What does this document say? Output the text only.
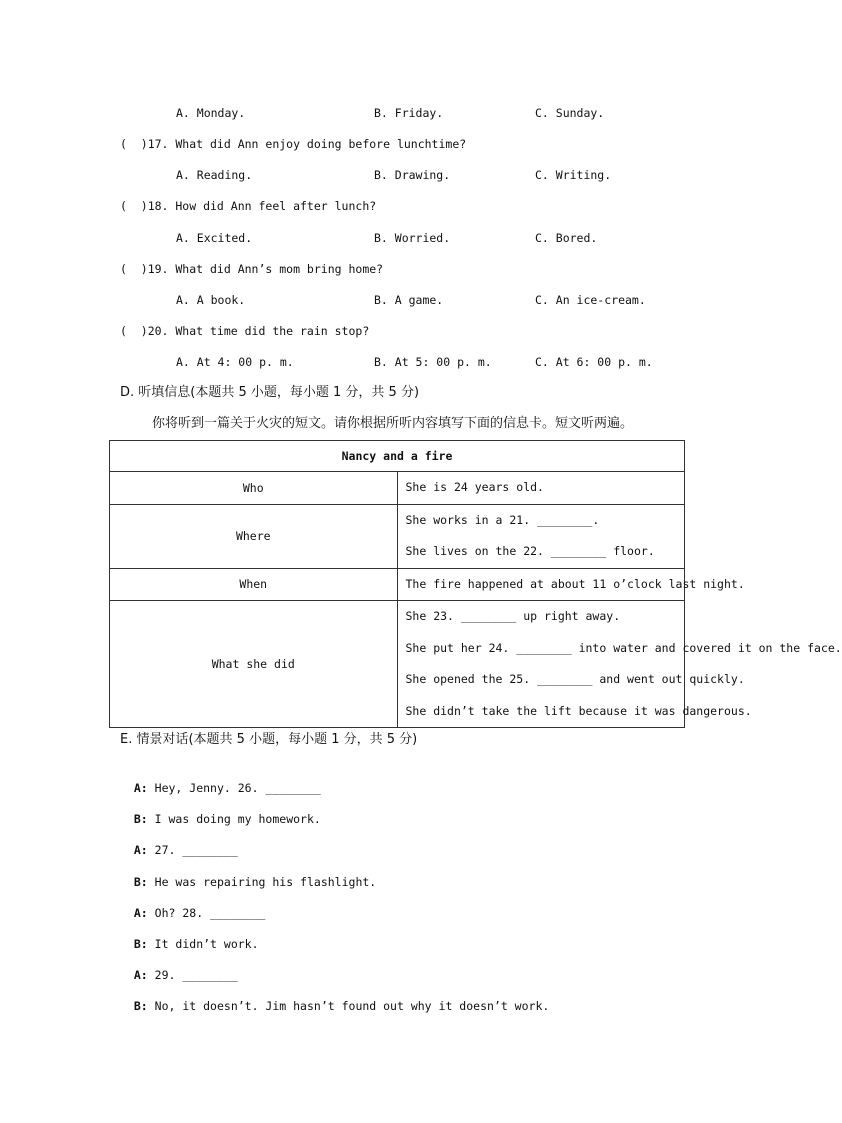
A. Monday.	B. Friday.	C. Sunday.
(  )17. What did Ann enjoy doing before lunchtime?
A. Reading.	B. Drawing.	C. Writing.
(  )18. How did Ann feel after lunch?
A. Excited.	B. Worried.	C. Bored.
(  )19. What did Ann’s mom bring home?
A. A book.	B. A game.	C. An ice-cream.
(  )20. What time did the rain stop?
A. At 4: 00 p. m.	B. At 5: 00 p. m.	C. At 6: 00 p. m.
D. 听填信息(本题共 5 小题，每小题 1 分，共 5 分)
你将听到一篇关于火灾的短文。请你根据所听内容填写下面的信息卡。短文听两遍。
Nancy and a fire	
Who	She is 24 years old.

Where	She works in a 21. ________.
She lives on the 22. ________ floor.

When	The fire happened at about 11 o’clock last night.

What she did	She 23. ________ up right away.
She put her 24. ________ into water and covered it on the face.
She opened the 25. ________ and went out quickly.
She didn’t take the lift because it was dangerous.
E. 情景对话(本题共 5 小题，每小题 1 分，共 5 分)

A: Hey, Jenny. 26. ________

B: I was doing my homework.

A: 27. ________

B: He was repairing his flashlight.

A: Oh? 28. ________

B: It didn’t work.

A: 29. ________

B: No, it doesn’t. Jim hasn’t found out why it doesn’t work.
